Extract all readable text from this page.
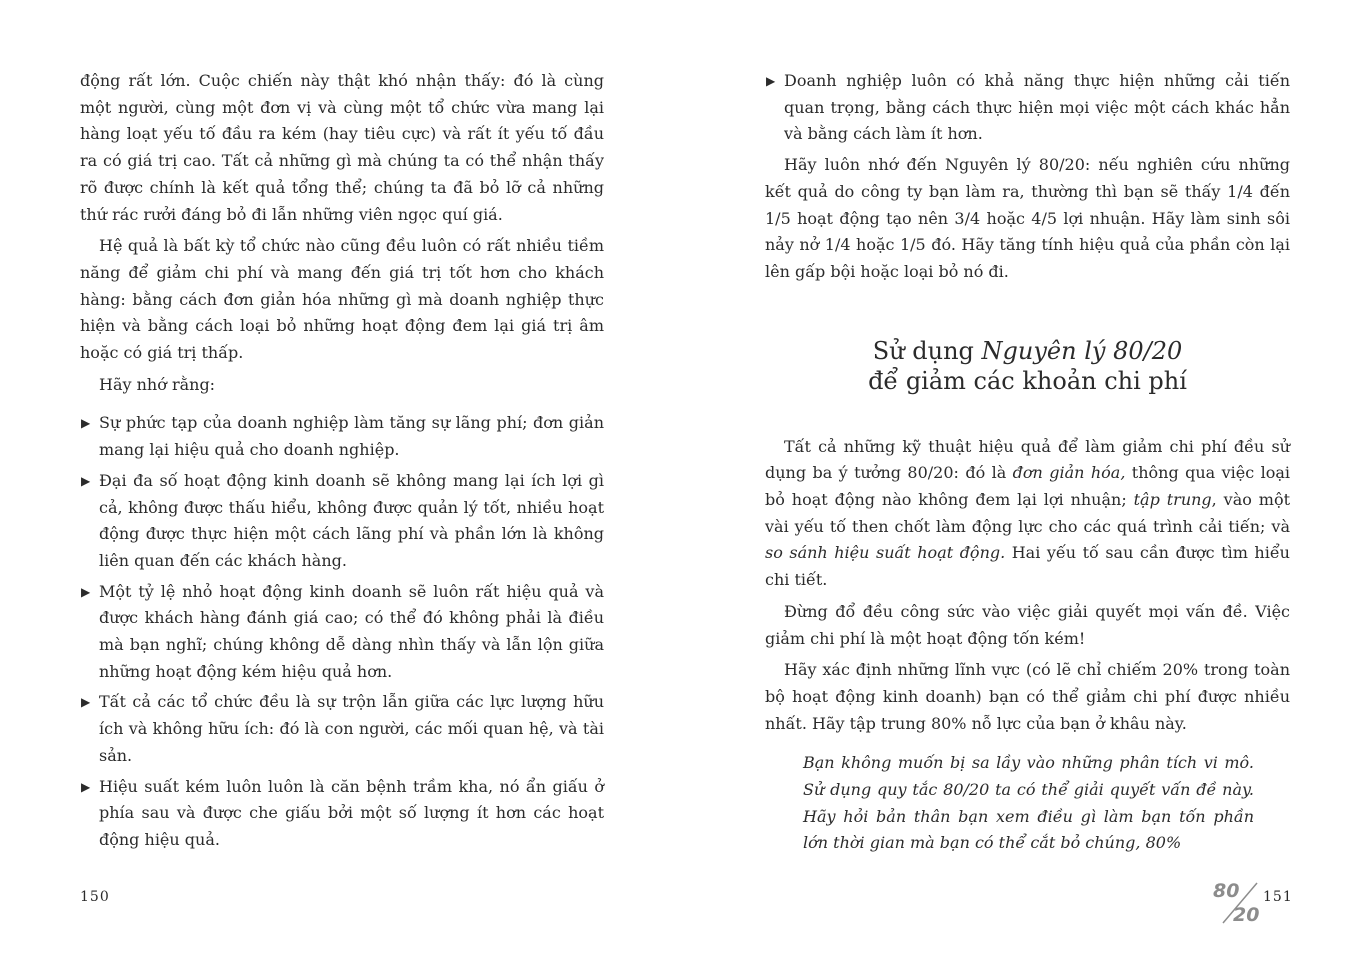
động rất lớn. Cuộc chiến này thật khó nhận thấy: đó là cùng một người, cùng một đơn vị và cùng một tổ chức vừa mang lại hàng loạt yếu tố đầu ra kém (hay tiêu cực) và rất ít yếu tố đầu ra có giá trị cao. Tất cả những gì mà chúng ta có thể nhận thấy rõ được chính là kết quả tổng thể; chúng ta đã bỏ lỡ cả những thứ rác rưởi đáng bỏ đi lẫn những viên ngọc quí giá.

Hệ quả là bất kỳ tổ chức nào cũng đều luôn có rất nhiều tiềm năng để giảm chi phí và mang đến giá trị tốt hơn cho khách hàng: bằng cách đơn giản hóa những gì mà doanh nghiệp thực hiện và bằng cách loại bỏ những hoạt động đem lại giá trị âm hoặc có giá trị thấp.

Hãy nhớ rằng:

▶ Sự phức tạp của doanh nghiệp làm tăng sự lãng phí; đơn giản mang lại hiệu quả cho doanh nghiệp.
▶ Đại đa số hoạt động kinh doanh sẽ không mang lại ích lợi gì cả, không được thấu hiểu, không được quản lý tốt, nhiều hoạt động được thực hiện một cách lãng phí và phần lớn là không liên quan đến các khách hàng.
▶ Một tỷ lệ nhỏ hoạt động kinh doanh sẽ luôn rất hiệu quả và được khách hàng đánh giá cao; có thể đó không phải là điều mà bạn nghĩ; chúng không dễ dàng nhìn thấy và lẫn lộn giữa những hoạt động kém hiệu quả hơn.
▶ Tất cả các tổ chức đều là sự trộn lẫn giữa các lực lượng hữu ích và không hữu ích: đó là con người, các mối quan hệ, và tài sản.
▶ Hiệu suất kém luôn luôn là căn bệnh trầm kha, nó ẩn giấu ở phía sau và được che giấu bởi một số lượng ít hơn các hoạt động hiệu quả.
150
▶ Doanh nghiệp luôn có khả năng thực hiện những cải tiến quan trọng, bằng cách thực hiện mọi việc một cách khác hẳn và bằng cách làm ít hơn.

Hãy luôn nhớ đến Nguyên lý 80/20: nếu nghiên cứu những kết quả do công ty bạn làm ra, thường thì bạn sẽ thấy 1/4 đến 1/5 hoạt động tạo nên 3/4 hoặc 4/5 lợi nhuận. Hãy làm sinh sôi nảy nở 1/4 hoặc 1/5 đó. Hãy tăng tính hiệu quả của phần còn lại lên gấp bội hoặc loại bỏ nó đi.

Sử dụng Nguyên lý 80/20
để giảm các khoản chi phí

Tất cả những kỹ thuật hiệu quả để làm giảm chi phí đều sử dụng ba ý tưởng 80/20: đó là đơn giản hóa, thông qua việc loại bỏ hoạt động nào không đem lại lợi nhuận; tập trung, vào một vài yếu tố then chốt làm động lực cho các quá trình cải tiến; và so sánh hiệu suất hoạt động. Hai yếu tố sau cần được tìm hiểu chi tiết.

Đừng đổ đều công sức vào việc giải quyết mọi vấn đề. Việc giảm chi phí là một hoạt động tốn kém!

Hãy xác định những lĩnh vực (có lẽ chỉ chiếm 20% trong toàn bộ hoạt động kinh doanh) bạn có thể giảm chi phí được nhiều nhất. Hãy tập trung 80% nỗ lực của bạn ở khâu này.

Bạn không muốn bị sa lầy vào những phân tích vi mô. Sử dụng quy tắc 80/20 ta có thể giải quyết vấn đề này. Hãy hỏi bản thân bạn xem điều gì làm bạn tốn phần lớn thời gian mà bạn có thể cắt bỏ chúng, 80%
80
20
151
